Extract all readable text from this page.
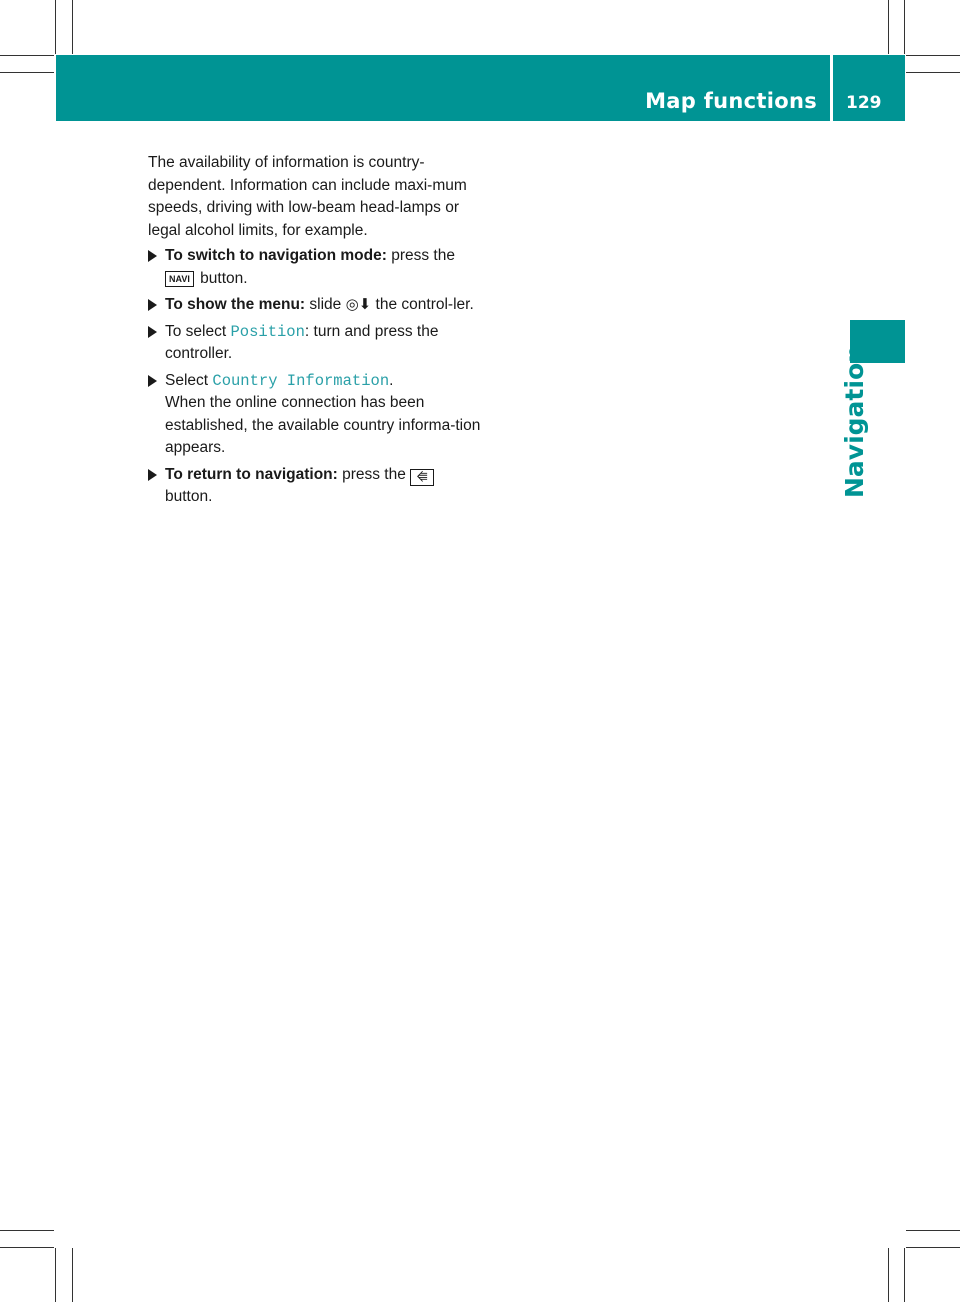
Map functions 129
Navigation

The availability of information is country-dependent. Information can include maxi-mum speeds, driving with low-beam head-lamps or legal alcohol limits, for example.

To switch to navigation mode: press the NAVI button.

To show the menu: slide ◎⬇ the control-ler.

To select Position: turn and press the controller.

Select Country Information.
When the online connection has been established, the available country informa-tion appears.

To return to navigation: press the ⭅
button.
